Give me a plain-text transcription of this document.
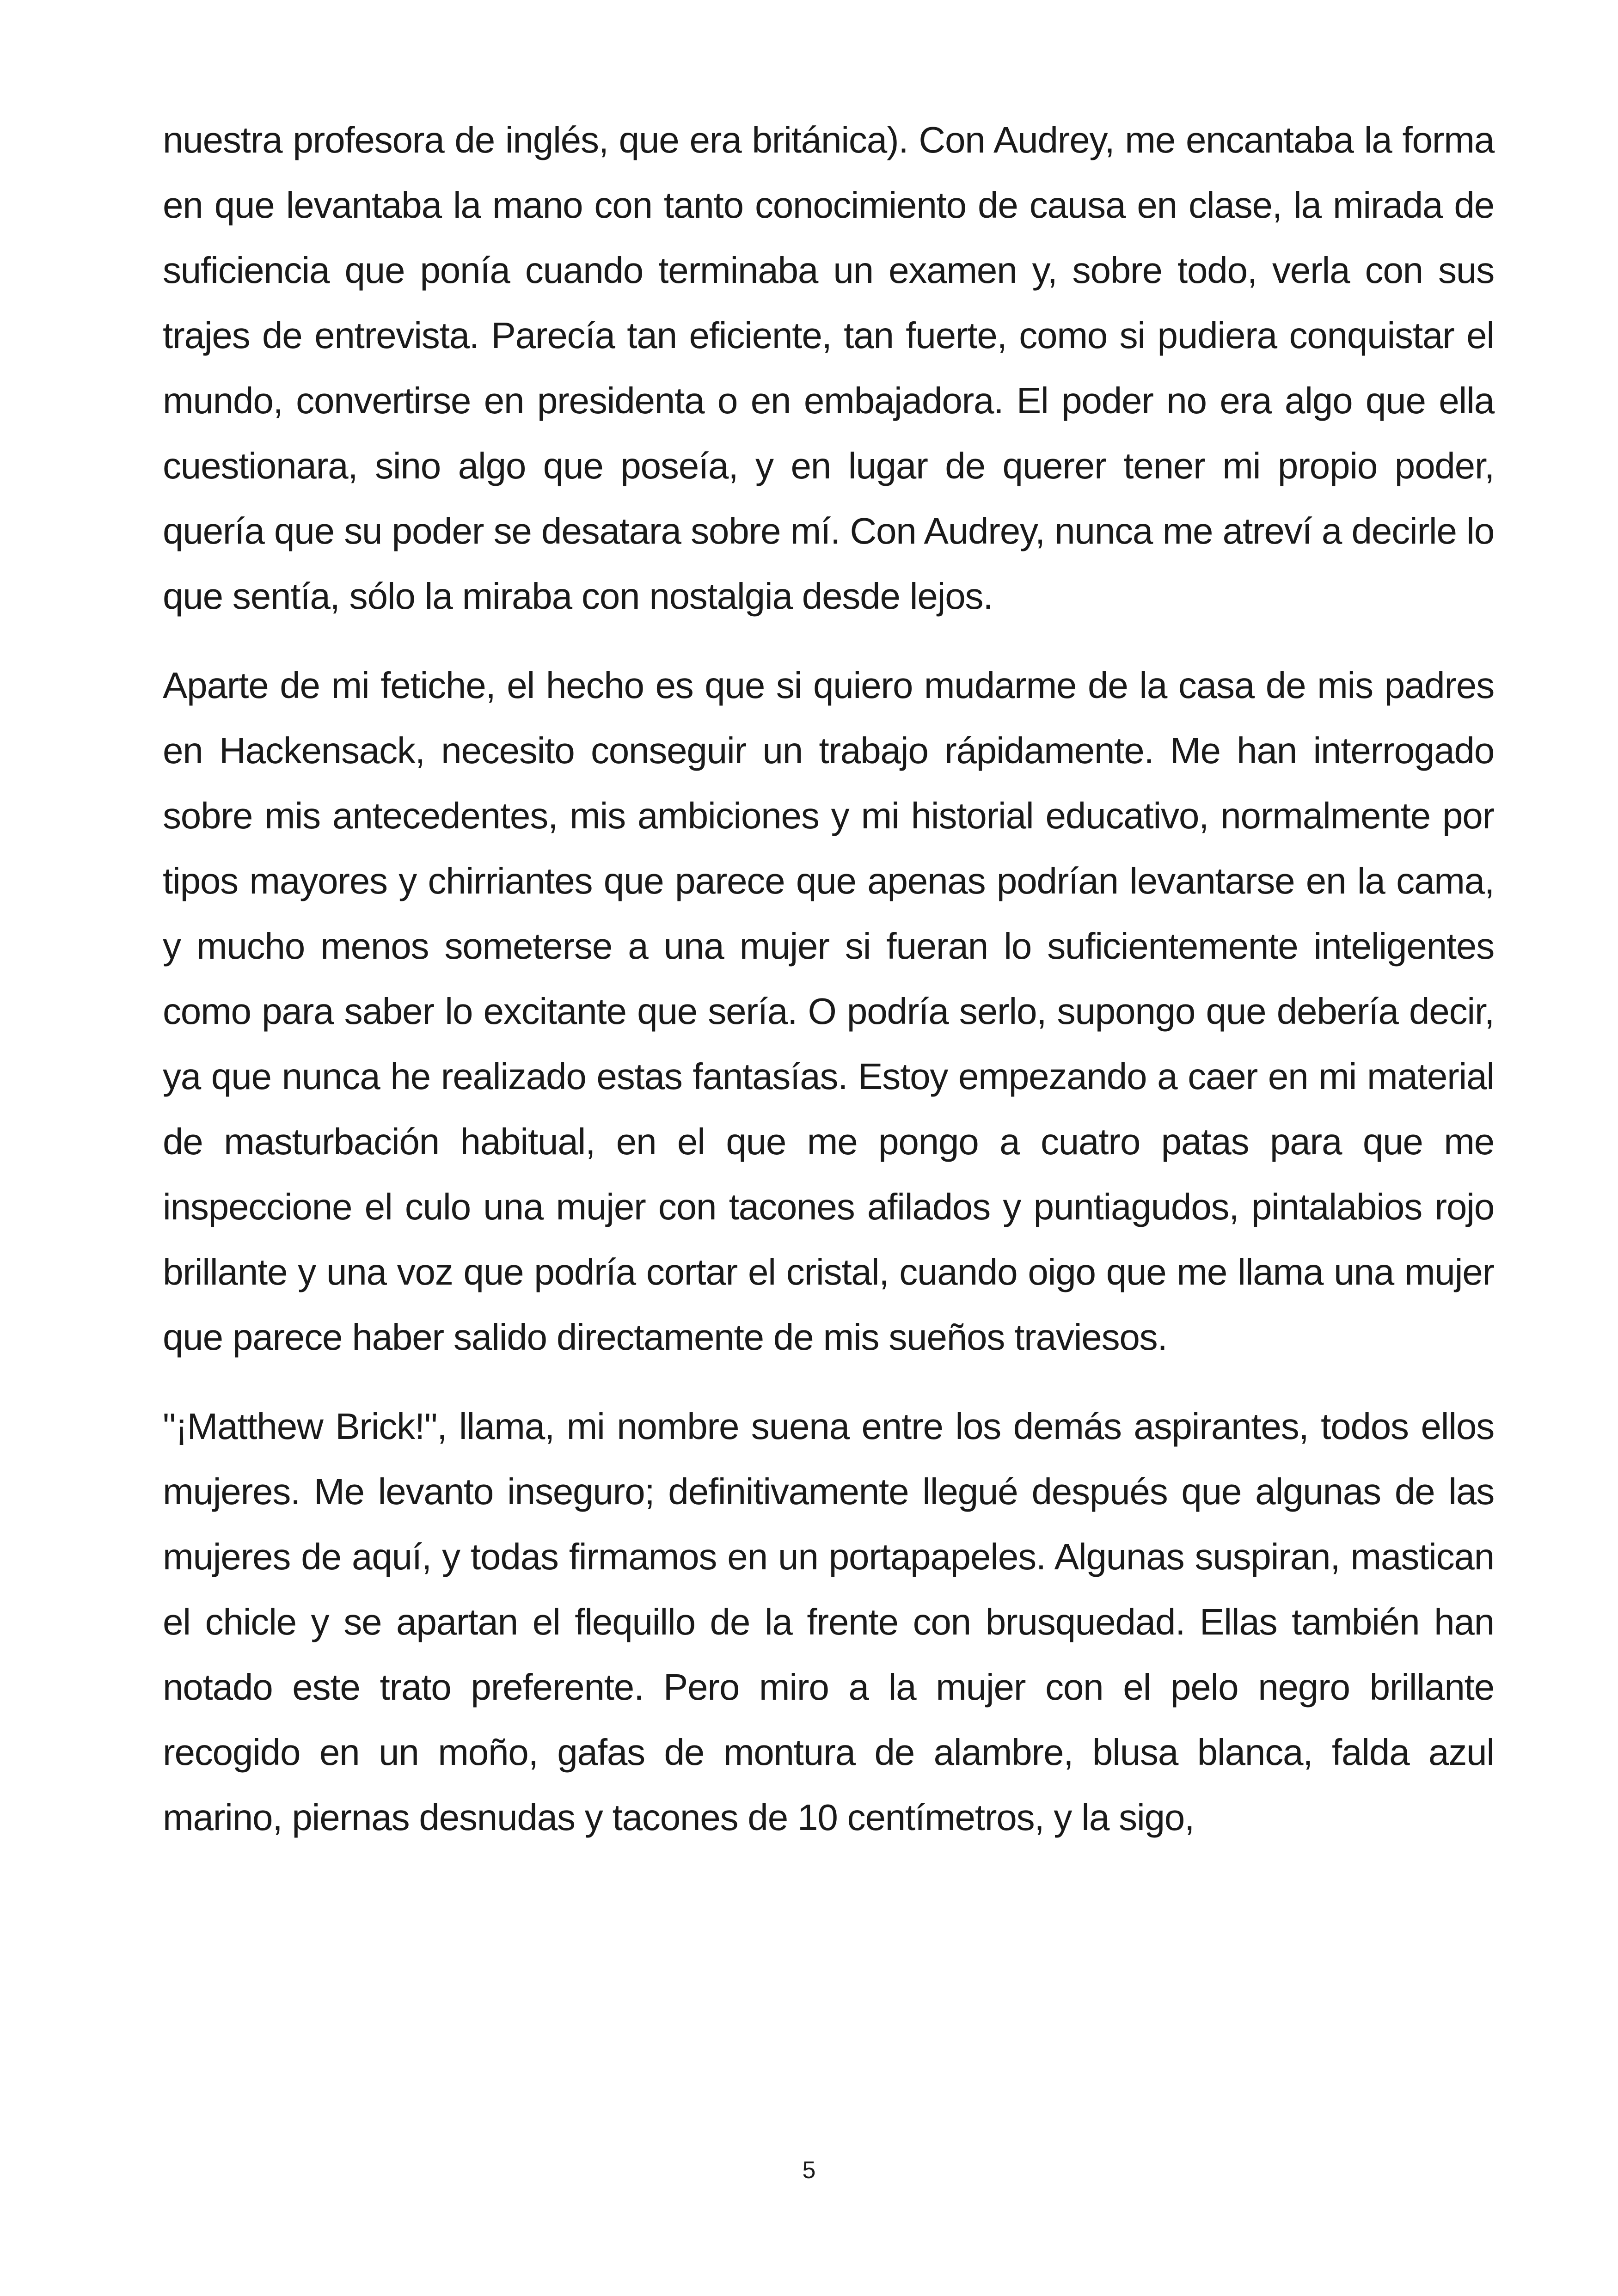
nuestra profesora de inglés, que era británica). Con Audrey, me encantaba la forma en que levantaba la mano con tanto conocimiento de causa en clase, la mirada de suficiencia que ponía cuando terminaba un examen y, sobre todo, verla con sus trajes de entrevista. Parecía tan eficiente, tan fuerte, como si pudiera conquistar el mundo, convertirse en presidenta o en embajadora. El poder no era algo que ella cuestionara, sino algo que poseía, y en lugar de querer tener mi propio poder, quería que su poder se desatara sobre mí. Con Audrey, nunca me atreví a decirle lo que sentía, sólo la miraba con nostalgia desde lejos.

Aparte de mi fetiche, el hecho es que si quiero mudarme de la casa de mis padres en Hackensack, necesito conseguir un trabajo rápidamente. Me han interrogado sobre mis antecedentes, mis ambiciones y mi historial educativo, normalmente por tipos mayores y chirriantes que parece que apenas podrían levantarse en la cama, y mucho menos someterse a una mujer si fueran lo suficientemente inteligentes como para saber lo excitante que sería. O podría serlo, supongo que debería decir, ya que nunca he realizado estas fantasías. Estoy empezando a caer en mi material de masturbación habitual, en el que me pongo a cuatro patas para que me inspeccione el culo una mujer con tacones afilados y puntiagudos, pintalabios rojo brillante y una voz que podría cortar el cristal, cuando oigo que me llama una mujer que parece haber salido directamente de mis sueños traviesos.

"¡Matthew Brick!", llama, mi nombre suena entre los demás aspirantes, todos ellos mujeres. Me levanto inseguro; definitivamente llegué después que algunas de las mujeres de aquí, y todas firmamos en un portapapeles. Algunas suspiran, mastican el chicle y se apartan el flequillo de la frente con brusquedad. Ellas también han notado este trato preferente. Pero miro a la mujer con el pelo negro brillante recogido en un moño, gafas de montura de alambre, blusa blanca, falda azul marino, piernas desnudas y tacones de 10 centímetros, y la sigo,

5
